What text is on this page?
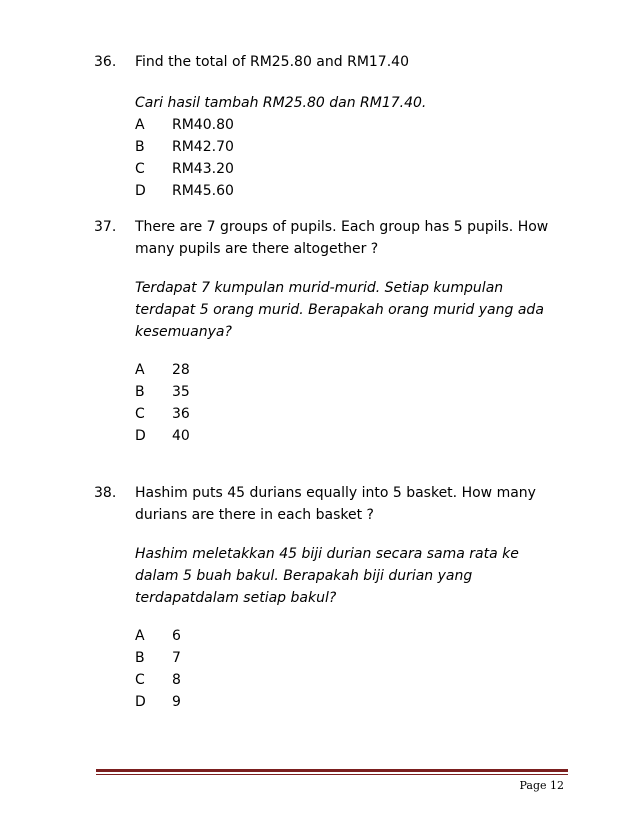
36. Find the total of RM25.80 and RM17.40
Cari hasil tambah RM25.80 dan RM17.40.
A RM40.80
B RM42.70
C RM43.20
D RM45.60
37. There are 7 groups of pupils. Each group has 5 pupils. How
many pupils are there altogether ?
Terdapat 7 kumpulan murid-murid. Setiap kumpulan
terdapat 5 orang murid. Berapakah orang murid yang ada
kesemuanya?
A 28
B 35
C 36
D 40
38. Hashim puts 45 durians equally into 5 basket. How many
durians are there in each basket ?
Hashim meletakkan 45 biji durian secara sama rata ke
dalam 5 buah bakul. Berapakah biji durian yang
terdapatdalam setiap bakul?
A 6
B 7
C 8
D 9
Page 12
